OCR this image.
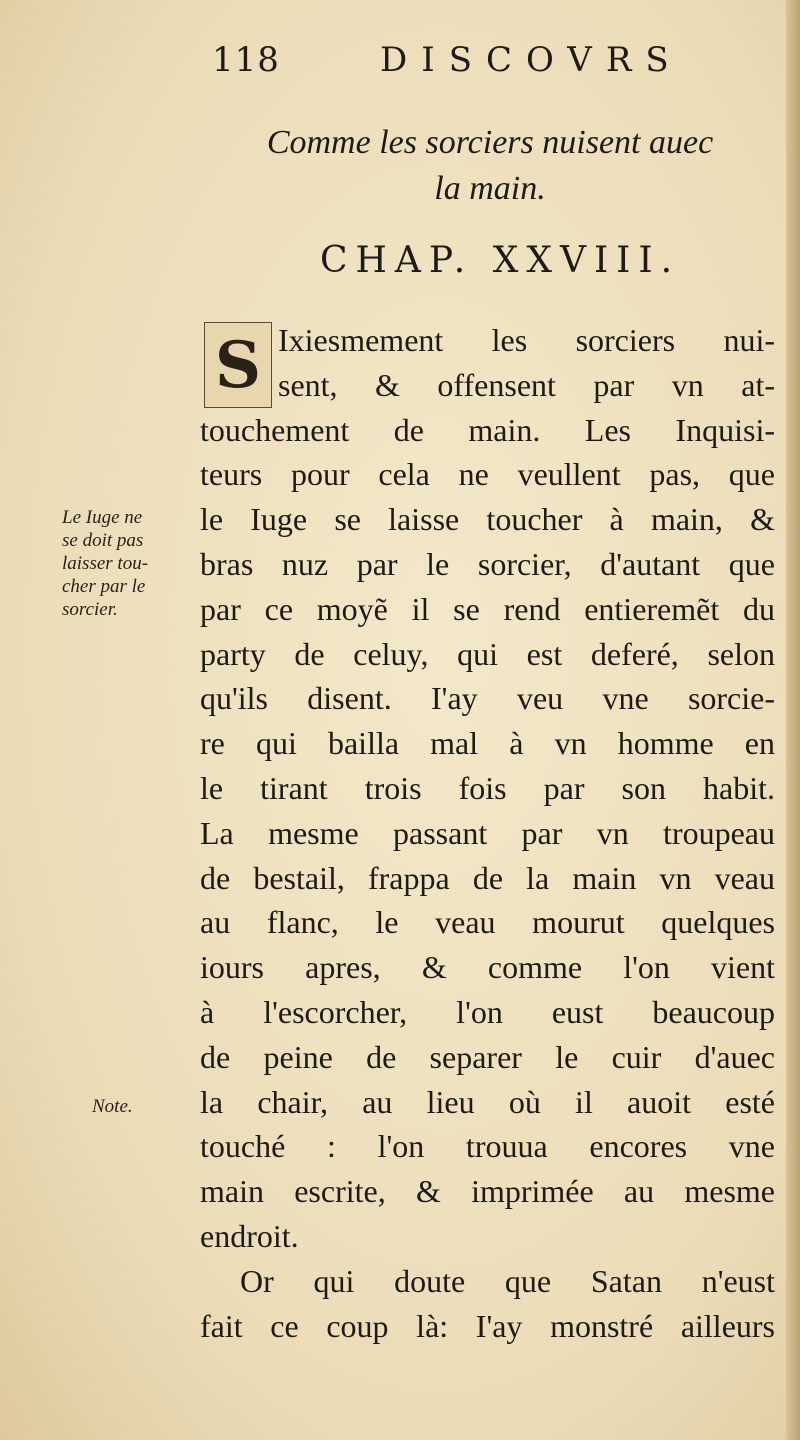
118	DISCOVRS
Comme les sorciers nuisent auec
la main.
CHAP. XXVIII.
S Ixiesmement les sorciers nui-
sent, & offensent par vn at-
touchement de main. Les Inquisi-
teurs pour cela ne veullent pas, que
le Iuge se laisse toucher à main, &
bras nuz par le sorcier, d'autant que
par ce moyẽ il se rend entieremẽt du
party de celuy, qui est deferé, selon
qu'ils disent. I'ay veu vne sorcie-
re qui bailla mal à vn homme en
le tirant trois fois par son habit.
La mesme passant par vn troupeau
de bestail, frappa de la main vn veau
au flanc, le veau mourut quelques
iours apres, & comme l'on vient
à l'escorcher, l'on eust beaucoup
de peine de separer le cuir d'auec
la chair, au lieu où il auoit esté
touché : l'on trouua encores vne
main escrite, & imprimée au mesme
endroit.
Or qui doute que Satan n'eust
fait ce coup là: I'ay monstré ailleurs
Le Iuge ne
se doit pas
laisser tou-
cher par le
sorcier.
Note.
